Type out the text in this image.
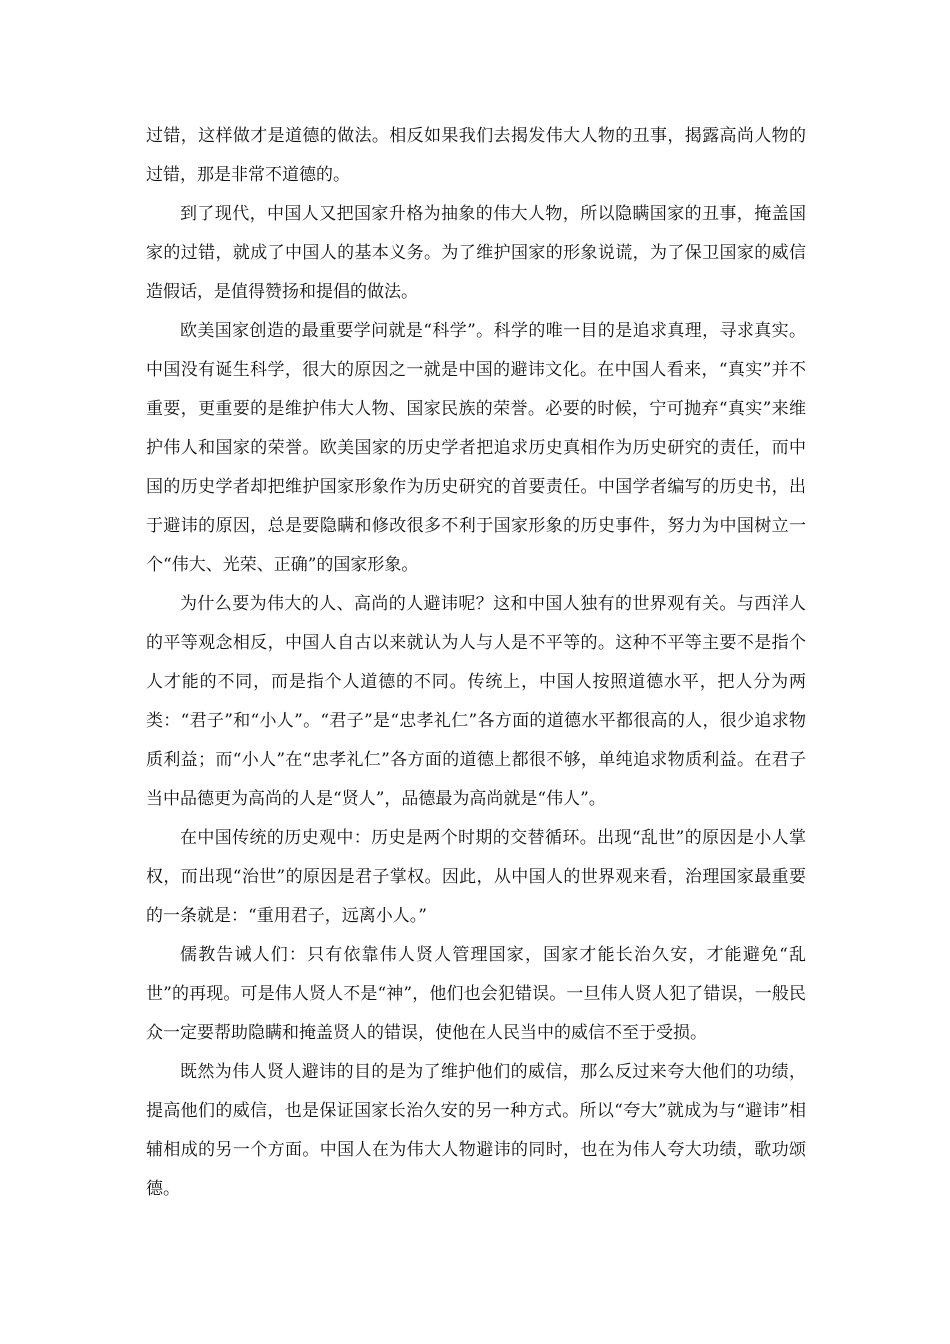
过错，这样做才是道德的做法。相反如果我们去揭发伟大人物的丑事，揭露高尚人物的过错，那是非常不道德的。

到了现代，中国人又把国家升格为抽象的伟大人物，所以隐瞒国家的丑事，掩盖国家的过错，就成了中国人的基本义务。为了维护国家的形象说谎，为了保卫国家的威信造假话，是值得赞扬和提倡的做法。

欧美国家创造的最重要学问就是“科学”。科学的唯一目的是追求真理，寻求真实。中国没有诞生科学，很大的原因之一就是中国的避讳文化。在中国人看来，“真实”并不重要，更重要的是维护伟大人物、国家民族的荣誉。必要的时候，宁可抛弃“真实”来维护伟人和国家的荣誉。欧美国家的历史学者把追求历史真相作为历史研究的责任，而中国的历史学者却把维护国家形象作为历史研究的首要责任。中国学者编写的历史书，出于避讳的原因，总是要隐瞒和修改很多不利于国家形象的历史事件，努力为中国树立一个“伟大、光荣、正确”的国家形象。

为什么要为伟大的人、高尚的人避讳呢？这和中国人独有的世界观有关。与西洋人的平等观念相反，中国人自古以来就认为人与人是不平等的。这种不平等主要不是指个人才能的不同，而是指个人道德的不同。传统上，中国人按照道德水平，把人分为两类：“君子”和“小人”。“君子”是“忠孝礼仁”各方面的道德水平都很高的人，很少追求物质利益；而“小人”在“忠孝礼仁”各方面的道德上都很不够，单纯追求物质利益。在君子当中品德更为高尚的人是“贤人”，品德最为高尚就是“伟人”。

在中国传统的历史观中：历史是两个时期的交替循环。出现“乱世”的原因是小人掌权，而出现“治世”的原因是君子掌权。因此，从中国人的世界观来看，治理国家最重要的一条就是：“重用君子，远离小人。”

儒教告诫人们：只有依靠伟人贤人管理国家，国家才能长治久安，才能避免“乱世”的再现。可是伟人贤人不是“神”，他们也会犯错误。一旦伟人贤人犯了错误，一般民众一定要帮助隐瞒和掩盖贤人的错误，使他在人民当中的威信不至于受损。

既然为伟人贤人避讳的目的是为了维护他们的威信，那么反过来夸大他们的功绩，提高他们的威信，也是保证国家长治久安的另一种方式。所以“夸大”就成为与“避讳”相辅相成的另一个方面。中国人在为伟大人物避讳的同时，也在为伟人夸大功绩，歌功颂德。
